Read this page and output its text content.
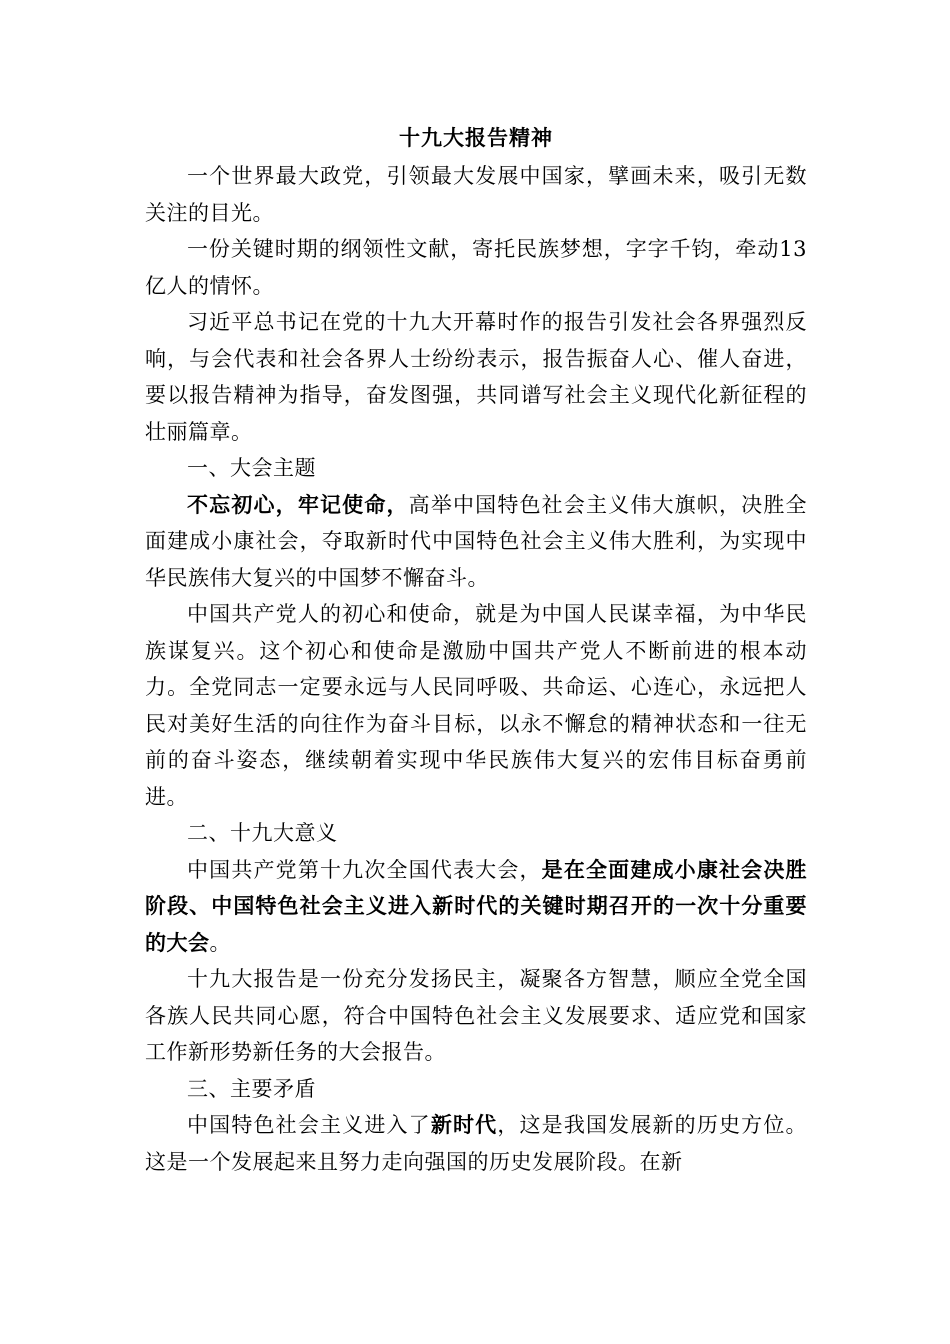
十九大报告精神

一个世界最大政党，引领最大发展中国家，擘画未来，吸引无数关注的目光。

一份关键时期的纲领性文献，寄托民族梦想，字字千钧，牵动13亿人的情怀。

习近平总书记在党的十九大开幕时作的报告引发社会各界强烈反响，与会代表和社会各界人士纷纷表示，报告振奋人心、催人奋进，要以报告精神为指导，奋发图强，共同谱写社会主义现代化新征程的壮丽篇章。

一、大会主题

不忘初心，牢记使命，高举中国特色社会主义伟大旗帜，决胜全面建成小康社会，夺取新时代中国特色社会主义伟大胜利，为实现中华民族伟大复兴的中国梦不懈奋斗。

中国共产党人的初心和使命，就是为中国人民谋幸福，为中华民族谋复兴。这个初心和使命是激励中国共产党人不断前进的根本动力。全党同志一定要永远与人民同呼吸、共命运、心连心，永远把人民对美好生活的向往作为奋斗目标，以永不懈怠的精神状态和一往无前的奋斗姿态，继续朝着实现中华民族伟大复兴的宏伟目标奋勇前进。

二、十九大意义

中国共产党第十九次全国代表大会，是在全面建成小康社会决胜阶段、中国特色社会主义进入新时代的关键时期召开的一次十分重要的大会。

十九大报告是一份充分发扬民主，凝聚各方智慧，顺应全党全国各族人民共同心愿，符合中国特色社会主义发展要求、适应党和国家工作新形势新任务的大会报告。

三、主要矛盾

中国特色社会主义进入了新时代，这是我国发展新的历史方位。这是一个发展起来且努力走向强国的历史发展阶段。在新
